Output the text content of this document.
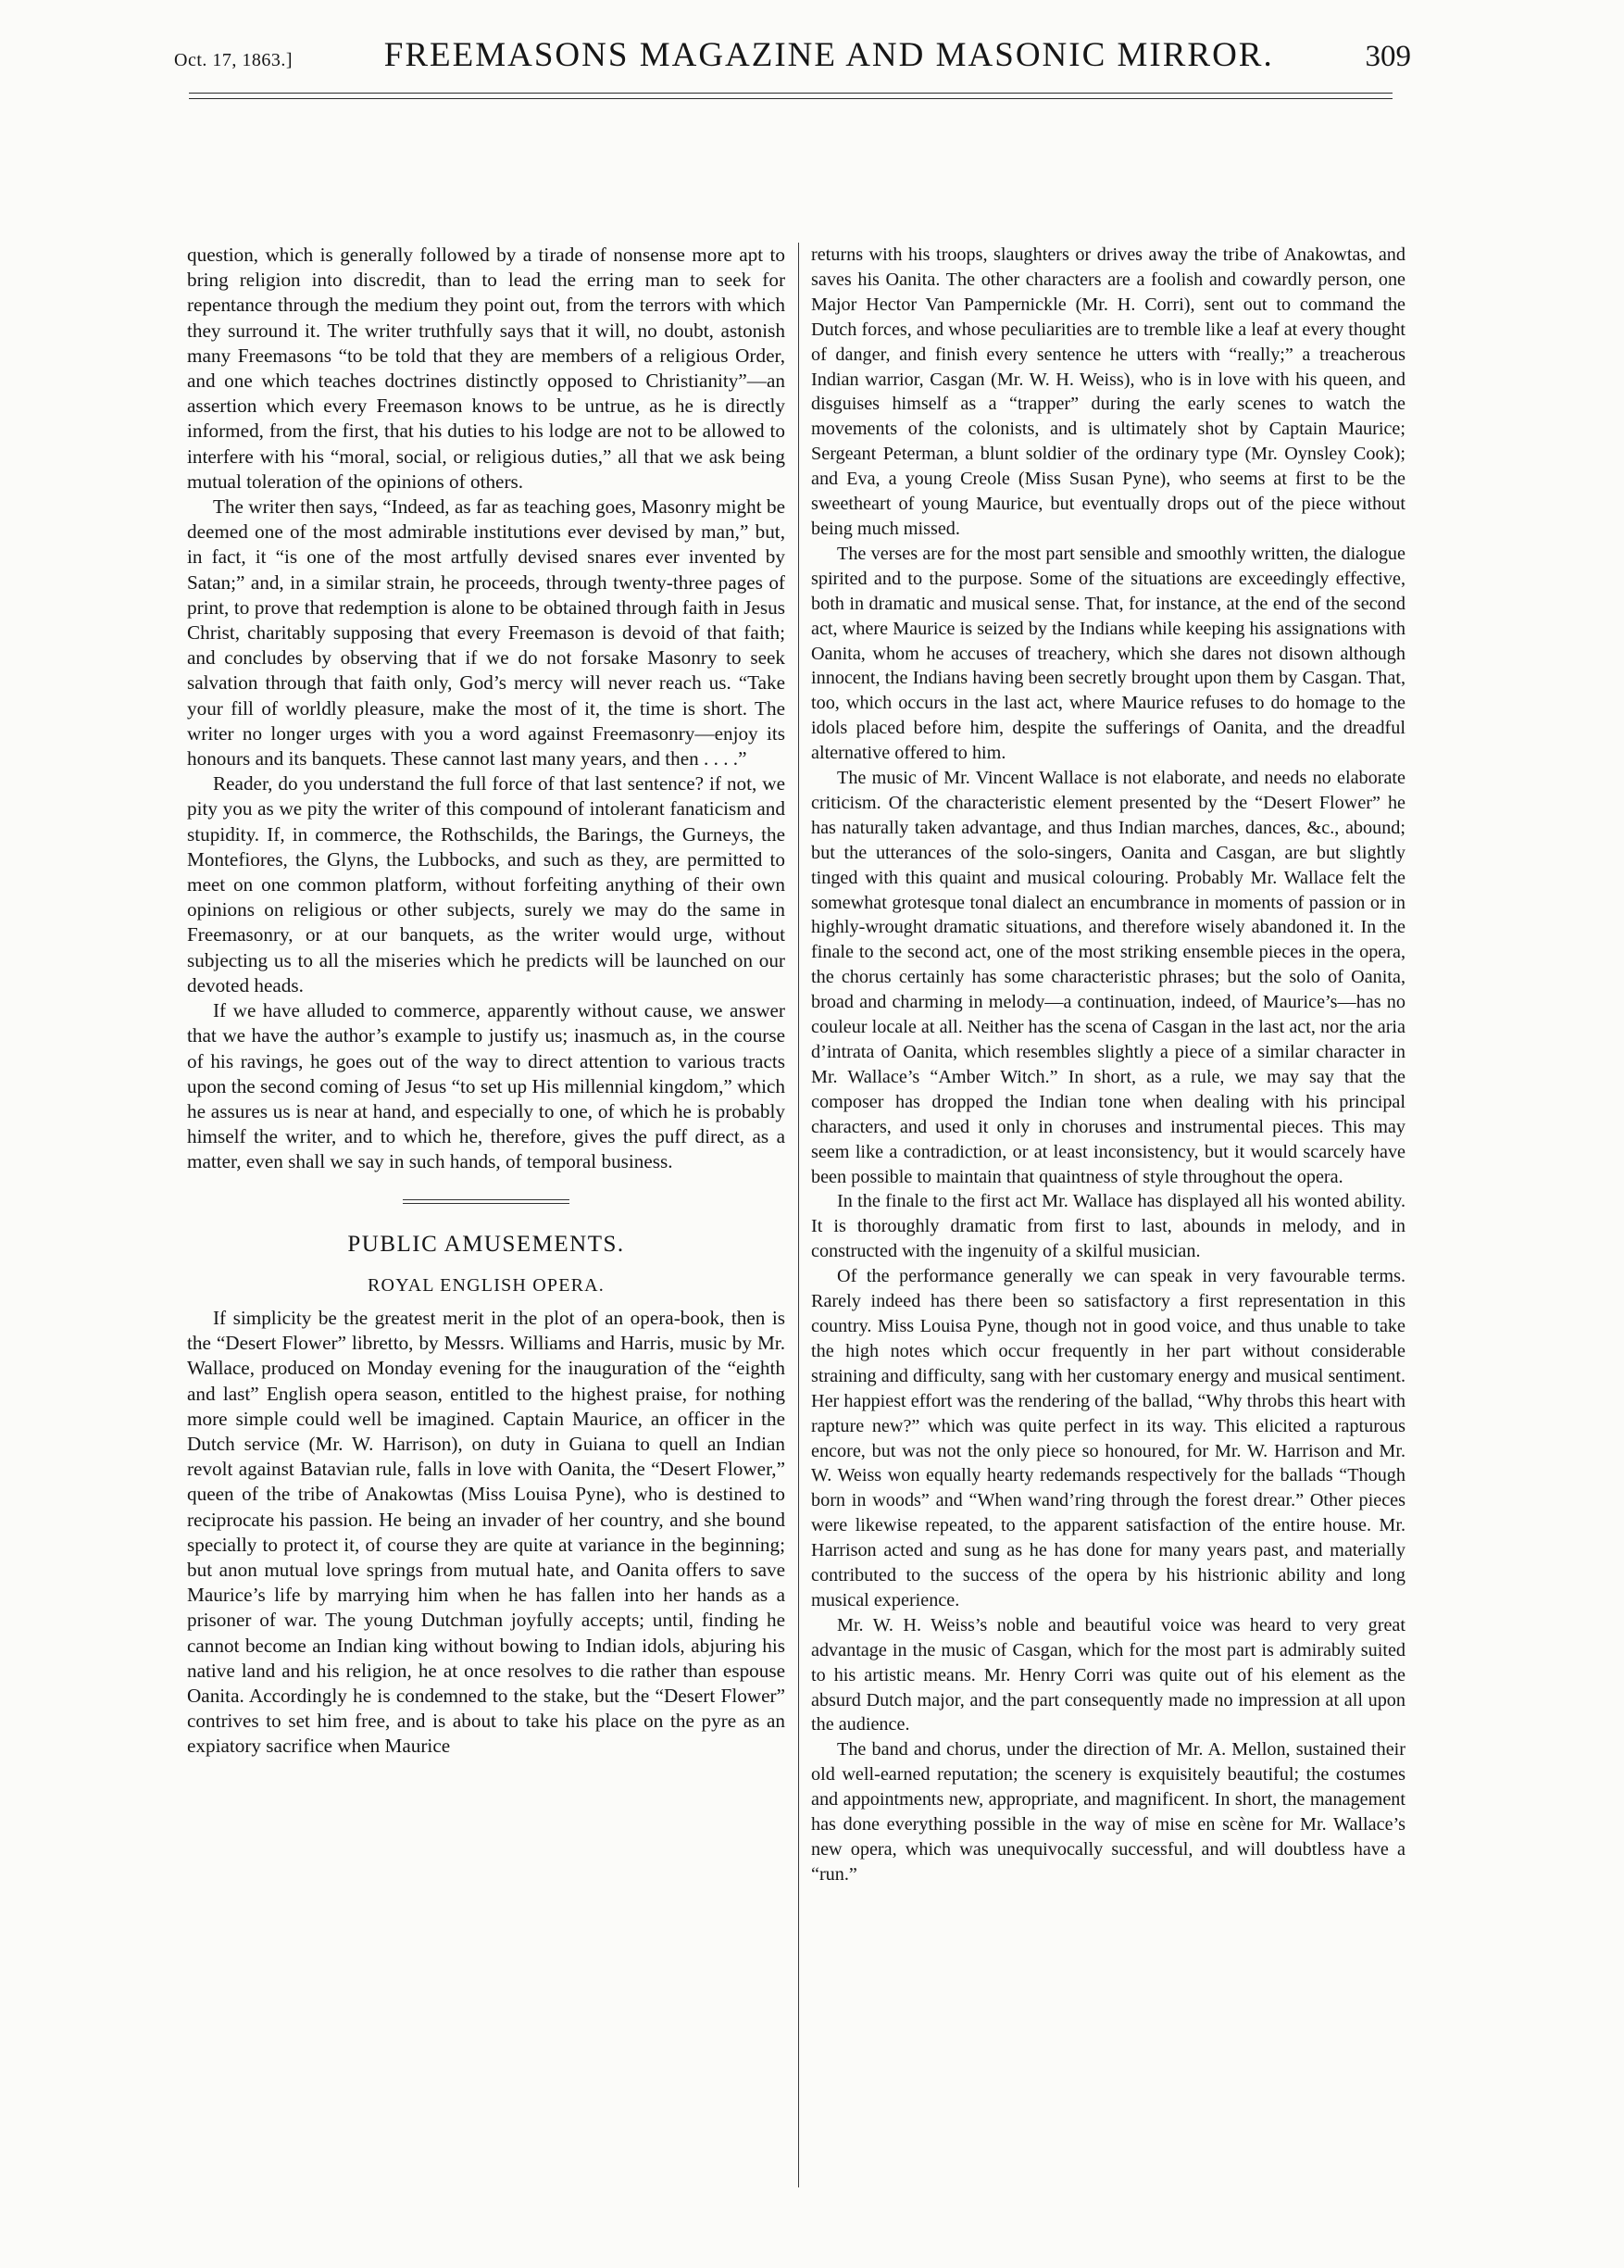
Oct. 17, 1863.]	FREEMASONS MAGAZINE AND MASONIC MIRROR.	309

question, which is generally followed by a tirade of nonsense more apt to bring religion into discredit, than to lead the erring man to seek for repentance through the medium they point out, from the terrors with which they surround it. The writer truthfully says that it will, no doubt, astonish many Freemasons “to be told that they are members of a religious Order, and one which teaches doctrines distinctly opposed to Christianity”—an assertion which every Freemason knows to be untrue, as he is directly informed, from the first, that his duties to his lodge are not to be allowed to interfere with his “moral, social, or religious duties,” all that we ask being mutual toleration of the opinions of others.

The writer then says, “Indeed, as far as teaching goes, Masonry might be deemed one of the most admirable institutions ever devised by man,” but, in fact, it “is one of the most artfully devised snares ever invented by Satan;” and, in a similar strain, he proceeds, through twenty-three pages of print, to prove that redemption is alone to be obtained through faith in Jesus Christ, charitably supposing that every Freemason is devoid of that faith; and concludes by observing that if we do not forsake Masonry to seek salvation through that faith only, God’s mercy will never reach us. “Take your fill of worldly pleasure, make the most of it, the time is short. The writer no longer urges with you a word against Freemasonry—enjoy its honours and its banquets. These cannot last many years, and then . . . .”

Reader, do you understand the full force of that last sentence? if not, we pity you as we pity the writer of this compound of intolerant fanaticism and stupidity. If, in commerce, the Rothschilds, the Barings, the Gurneys, the Montefiores, the Glyns, the Lubbocks, and such as they, are permitted to meet on one common platform, without forfeiting anything of their own opinions on religious or other subjects, surely we may do the same in Freemasonry, or at our banquets, as the writer would urge, without subjecting us to all the miseries which he predicts will be launched on our devoted heads.

If we have alluded to commerce, apparently without cause, we answer that we have the author’s example to justify us; inasmuch as, in the course of his ravings, he goes out of the way to direct attention to various tracts upon the second coming of Jesus “to set up His millennial kingdom,” which he assures us is near at hand, and especially to one, of which he is probably himself the writer, and to which he, therefore, gives the puff direct, as a matter, even shall we say in such hands, of temporal business.

PUBLIC AMUSEMENTS.
ROYAL ENGLISH OPERA.

If simplicity be the greatest merit in the plot of an opera-book, then is the “Desert Flower” libretto, by Messrs. Williams and Harris, music by Mr. Wallace, produced on Monday evening for the inauguration of the “eighth and last” English opera season, entitled to the highest praise, for nothing more simple could well be imagined. Captain Maurice, an officer in the Dutch service (Mr. W. Harrison), on duty in Guiana to quell an Indian revolt against Batavian rule, falls in love with Oanita, the “Desert Flower,” queen of the tribe of Anakowtas (Miss Louisa Pyne), who is destined to reciprocate his passion. He being an invader of her country, and she bound specially to protect it, of course they are quite at variance in the beginning; but anon mutual love springs from mutual hate, and Oanita offers to save Maurice’s life by marrying him when he has fallen into her hands as a prisoner of war. The young Dutchman joyfully accepts; until, finding he cannot become an Indian king without bowing to Indian idols, abjuring his native land and his religion, he at once resolves to die rather than espouse Oanita. Accordingly he is condemned to the stake, but the “Desert Flower” contrives to set him free, and is about to take his place on the pyre as an expiatory sacrifice when Maurice

returns with his troops, slaughters or drives away the tribe of Anakowtas, and saves his Oanita. The other characters are a foolish and cowardly person, one Major Hector Van Pampernickle (Mr. H. Corri), sent out to command the Dutch forces, and whose peculiarities are to tremble like a leaf at every thought of danger, and finish every sentence he utters with “really;” a treacherous Indian warrior, Casgan (Mr. W. H. Weiss), who is in love with his queen, and disguises himself as a “trapper” during the early scenes to watch the movements of the colonists, and is ultimately shot by Captain Maurice; Sergeant Peterman, a blunt soldier of the ordinary type (Mr. Oynsley Cook); and Eva, a young Creole (Miss Susan Pyne), who seems at first to be the sweetheart of young Maurice, but eventually drops out of the piece without being much missed.

The verses are for the most part sensible and smoothly written, the dialogue spirited and to the purpose. Some of the situations are exceedingly effective, both in dramatic and musical sense. That, for instance, at the end of the second act, where Maurice is seized by the Indians while keeping his assignations with Oanita, whom he accuses of treachery, which she dares not disown although innocent, the Indians having been secretly brought upon them by Casgan. That, too, which occurs in the last act, where Maurice refuses to do homage to the idols placed before him, despite the sufferings of Oanita, and the dreadful alternative offered to him.

The music of Mr. Vincent Wallace is not elaborate, and needs no elaborate criticism. Of the characteristic element presented by the “Desert Flower” he has naturally taken advantage, and thus Indian marches, dances, &c., abound; but the utterances of the solo-singers, Oanita and Casgan, are but slightly tinged with this quaint and musical colouring. Probably Mr. Wallace felt the somewhat grotesque tonal dialect an encumbrance in moments of passion or in highly-wrought dramatic situations, and therefore wisely abandoned it. In the finale to the second act, one of the most striking ensemble pieces in the opera, the chorus certainly has some characteristic phrases; but the solo of Oanita, broad and charming in melody—a continuation, indeed, of Maurice’s—has no couleur locale at all. Neither has the scena of Casgan in the last act, nor the aria d’intrata of Oanita, which resembles slightly a piece of a similar character in Mr. Wallace’s “Amber Witch.” In short, as a rule, we may say that the composer has dropped the Indian tone when dealing with his principal characters, and used it only in choruses and instrumental pieces. This may seem like a contradiction, or at least inconsistency, but it would scarcely have been possible to maintain that quaintness of style throughout the opera.

In the finale to the first act Mr. Wallace has displayed all his wonted ability. It is thoroughly dramatic from first to last, abounds in melody, and in constructed with the ingenuity of a skilful musician.

Of the performance generally we can speak in very favourable terms. Rarely indeed has there been so satisfactory a first representation in this country. Miss Louisa Pyne, though not in good voice, and thus unable to take the high notes which occur frequently in her part without considerable straining and difficulty, sang with her customary energy and musical sentiment. Her happiest effort was the rendering of the ballad, “Why throbs this heart with rapture new?” which was quite perfect in its way. This elicited a rapturous encore, but was not the only piece so honoured, for Mr. W. Harrison and Mr. W. Weiss won equally hearty redemands respectively for the ballads “Though born in woods” and “When wand’ring through the forest drear.” Other pieces were likewise repeated, to the apparent satisfaction of the entire house. Mr. Harrison acted and sung as he has done for many years past, and materially contributed to the success of the opera by his histrionic ability and long musical experience.

Mr. W. H. Weiss’s noble and beautiful voice was heard to very great advantage in the music of Casgan, which for the most part is admirably suited to his artistic means. Mr. Henry Corri was quite out of his element as the absurd Dutch major, and the part consequently made no impression at all upon the audience.

The band and chorus, under the direction of Mr. A. Mellon, sustained their old well-earned reputation; the scenery is exquisitely beautiful; the costumes and appointments new, appropriate, and magnificent. In short, the management has done everything possible in the way of mise en scène for Mr. Wallace’s new opera, which was unequivocally successful, and will doubtless have a “run.”
